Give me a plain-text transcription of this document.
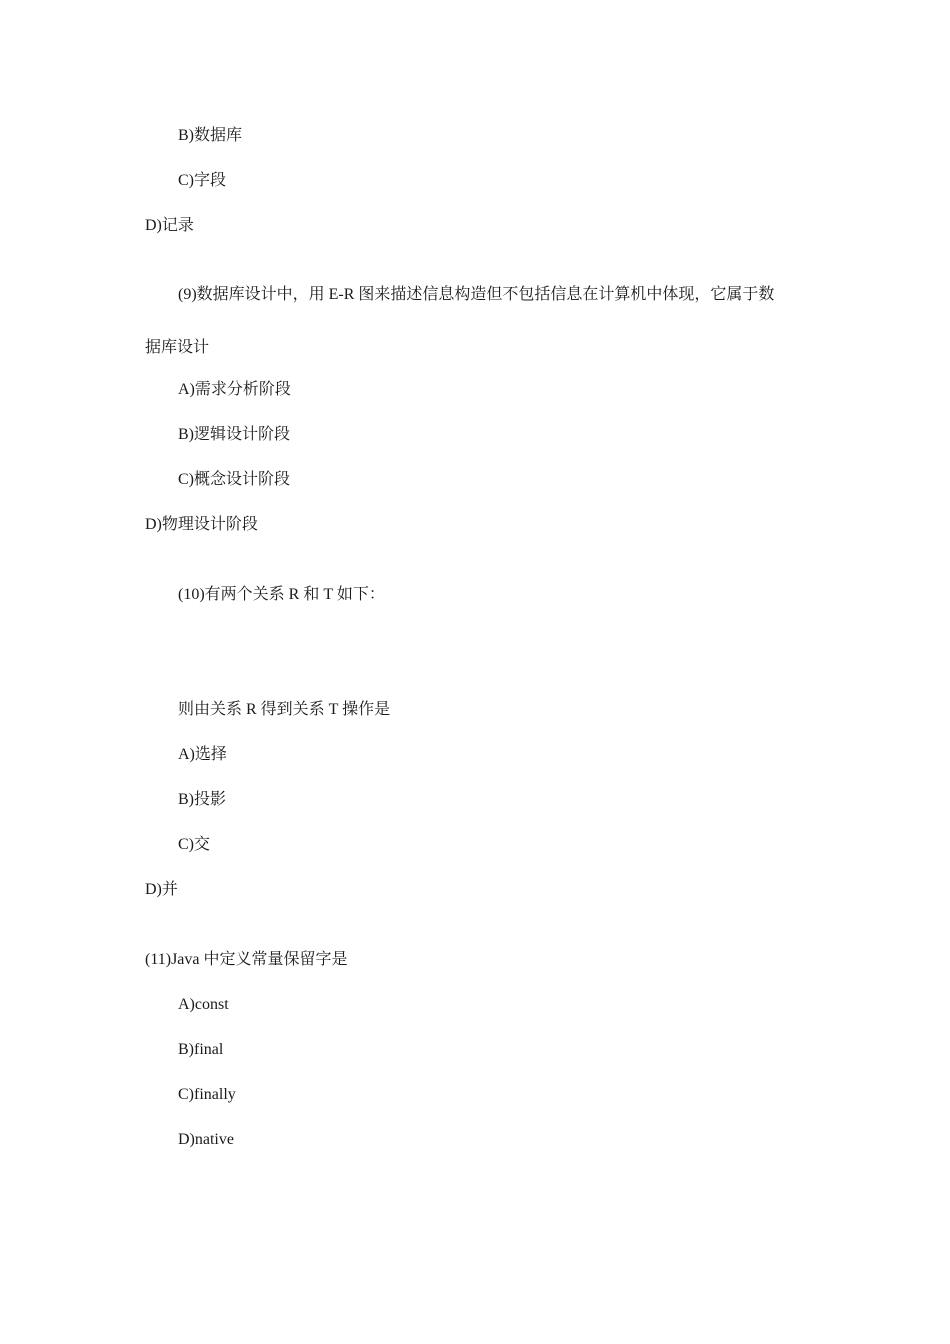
B)数据库
C)字段
D)记录
(9)数据库设计中，用 E-R 图来描述信息构造但不包括信息在计算机中体现，它属于数
据库设计
A)需求分析阶段
B)逻辑设计阶段
C)概念设计阶段
D)物理设计阶段
(10)有两个关系 R 和 T 如下：
则由关系 R 得到关系 T 操作是
A)选择
B)投影
C)交
D)并
(11)Java 中定义常量保留字是
A)const
B)final
C)finally
D)native
